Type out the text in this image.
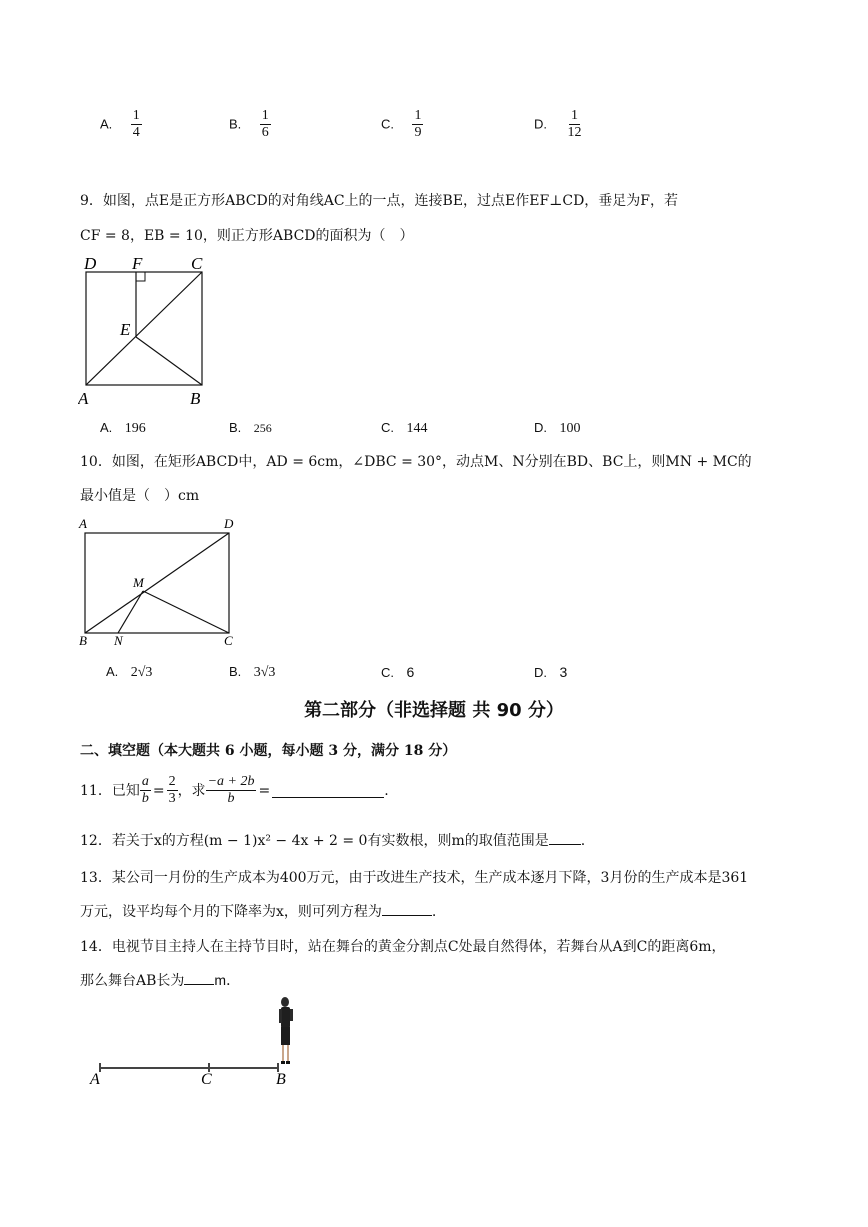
A. $\frac{1}{4}$	B. $\frac{1}{6}$	C. $\frac{1}{9}$	D. $\frac{1}{12}$
9．如图，点E是正方形ABCD的对角线AC上的一点，连接BE，过点E作EF⊥CD，垂足为F，若
CF = 8，EB = 10，则正方形ABCD的面积为（　）
D F	C
E
A	B
A. 196	B. 256	C. 144	D. 100
10．如图，在矩形ABCD中，AD = 6cm，∠DBC = 30°，动点M、N分别在BD、BC上，则MN + MC的
最小值是（　）cm
A	D
M
B N	C
A. 2√3	B. 3√3	C. 6	D. 3
第二部分（非选择题 共 90 分）
二、填空题（本大题共 6 小题，每小题 3 分，满分 18 分）
11．已知 $\frac{a}{b} = \frac{2}{3}$ ，求 $\frac{-a + 2b}{b}$ =	.
12．若关于x的方程(m − 1)x² − 4x + 2 = 0有实数根，则m的取值范围是 .
13．某公司一月份的生产成本为400万元，由于改进生产技术，生产成本逐月下降，3月份的生产成本是361
万元，设平均每个月的下降率为x，则可列方程为	.
14．电视节目主持人在主持节目时，站在舞台的黄金分割点C处最自然得体，若舞台从A到C的距离6m，
那么舞台AB长为 m．
A	C	B
